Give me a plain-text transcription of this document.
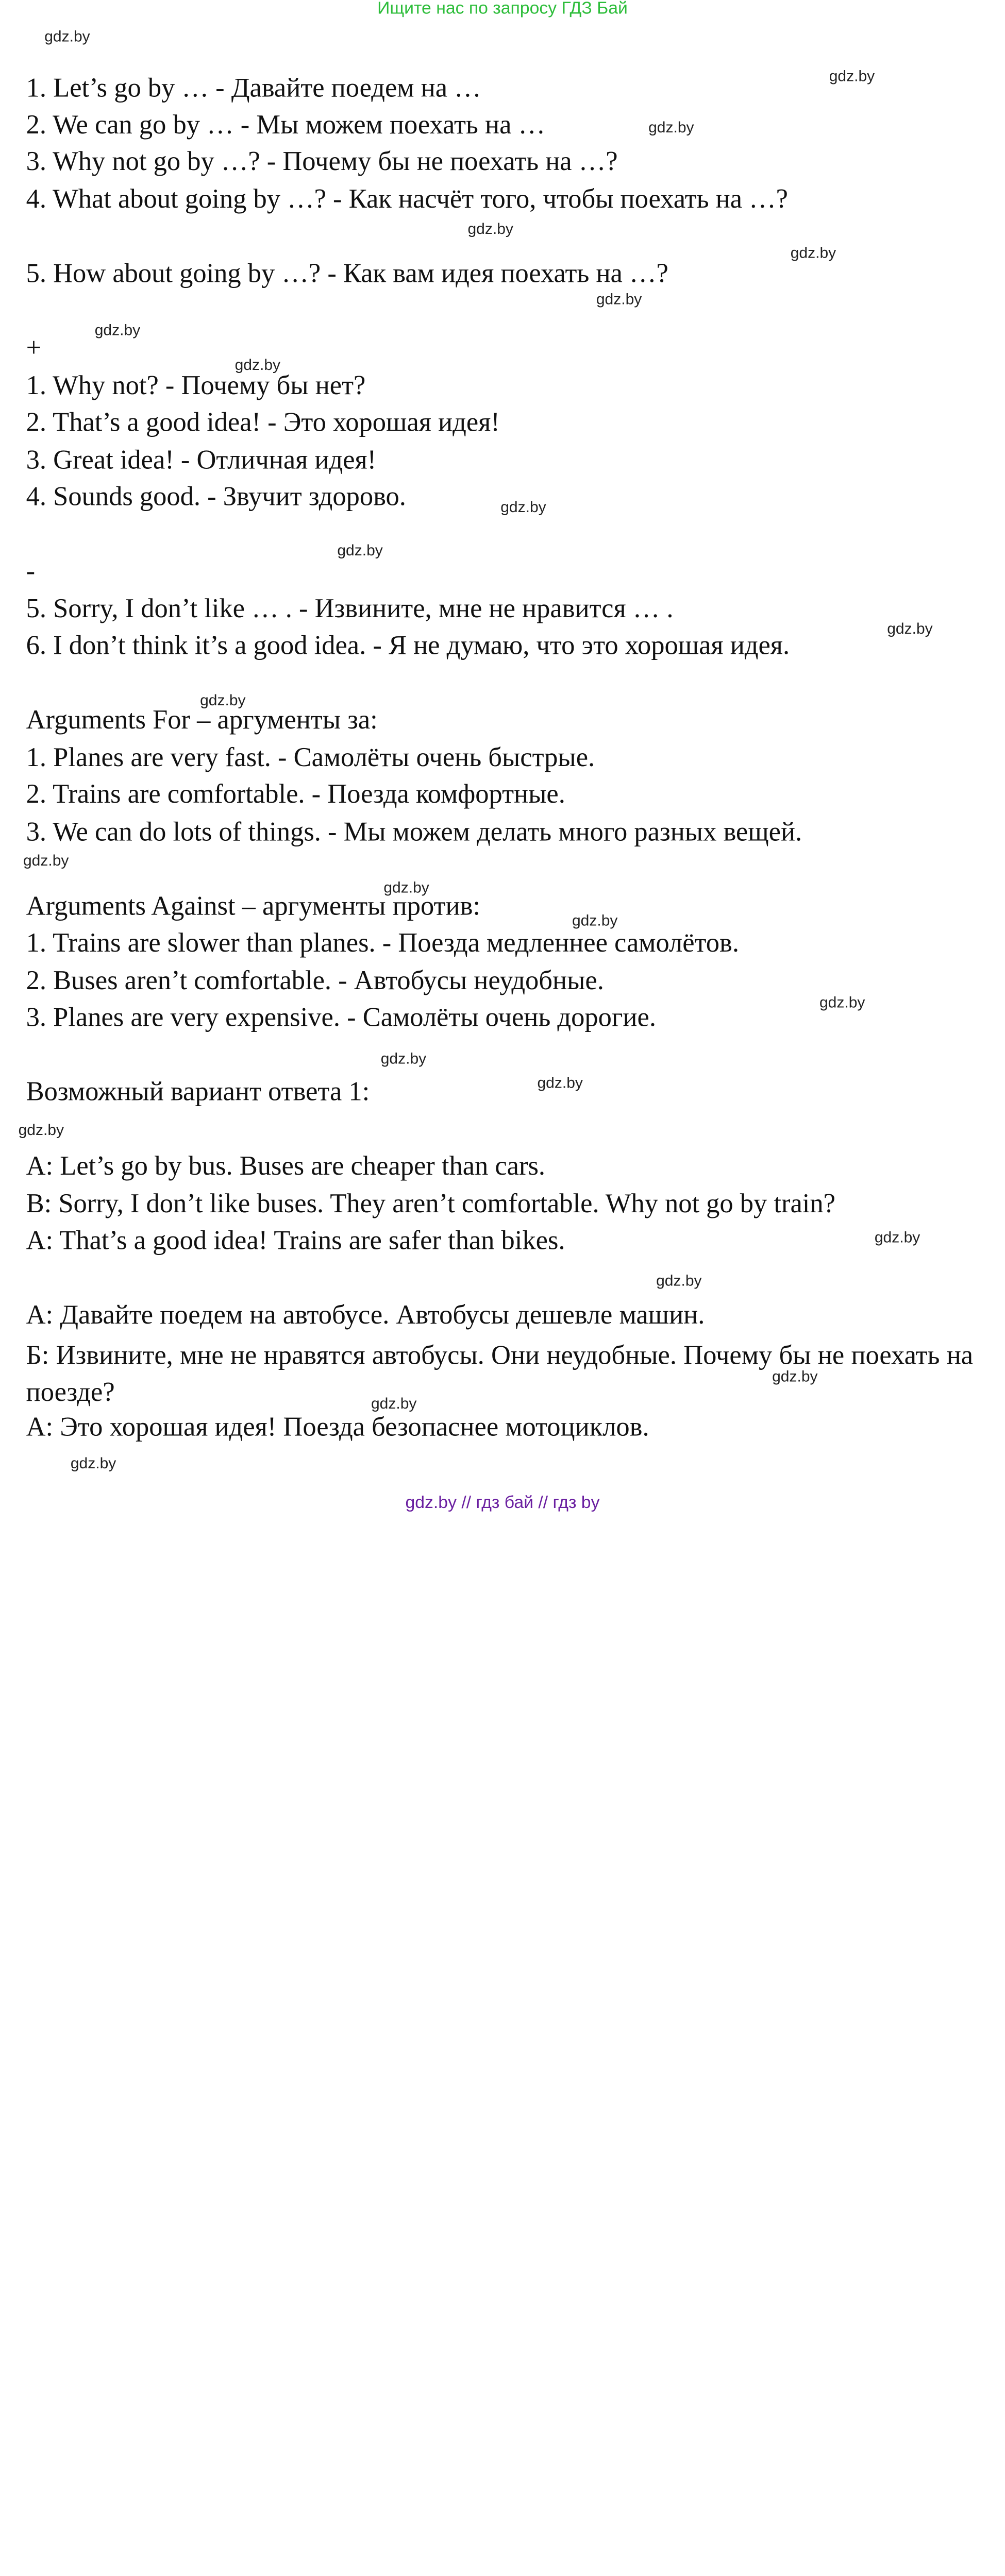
Ищите нас по запросу ГДЗ Бай
1. Let’s go by … - Давайте поедем на …
2. We can go by … - Мы можем поехать на …
3. Why not go by …? - Почему бы не поехать на …?
4. What about going by …? - Как насчёт того, чтобы поехать на …?
5. How about going by …? - Как вам идея поехать на …?
+
1. Why not? - Почему бы нет?
2. That’s a good idea! - Это хорошая идея!
3. Great idea! - Отличная идея!
4. Sounds good. - Звучит здорово.
-
5. Sorry, I don’t like … . - Извините, мне не нравится … .
6. I don’t think it’s a good idea. - Я не думаю, что это хорошая идея.
Arguments For – аргументы за:
1. Planes are very fast. - Самолёты очень быстрые.
2. Trains are comfortable. - Поезда комфортные.
3. We can do lots of things. - Мы можем делать много разных вещей.
Arguments Against – аргументы против:
1. Trains are slower than planes. - Поезда медленнее самолётов.
2. Buses aren’t comfortable. - Автобусы неудобные.
3. Planes are very expensive. - Самолёты очень дорогие.
Возможный вариант ответа 1:
A: Let’s go by bus. Buses are cheaper than cars.
B: Sorry, I don’t like buses. They aren’t comfortable. Why not go by train?
A: That’s a good idea! Trains are safer than bikes.
А: Давайте поедем на автобусе. Автобусы дешевле машин.
Б: Извините, мне не нравятся автобусы. Они неудобные. Почему бы не поехать на поезде?
А: Это хорошая идея! Поезда безопаснее мотоциклов.
gdz.by
gdz.by
gdz.by
gdz.by
gdz.by
gdz.by
gdz.by
gdz.by
gdz.by
gdz.by
gdz.by
gdz.by
gdz.by
gdz.by
gdz.by
gdz.by
gdz.by
gdz.by
gdz.by
gdz.by
gdz.by
gdz.by
gdz.by
gdz.by
gdz.by // гдз бай // гдз by
